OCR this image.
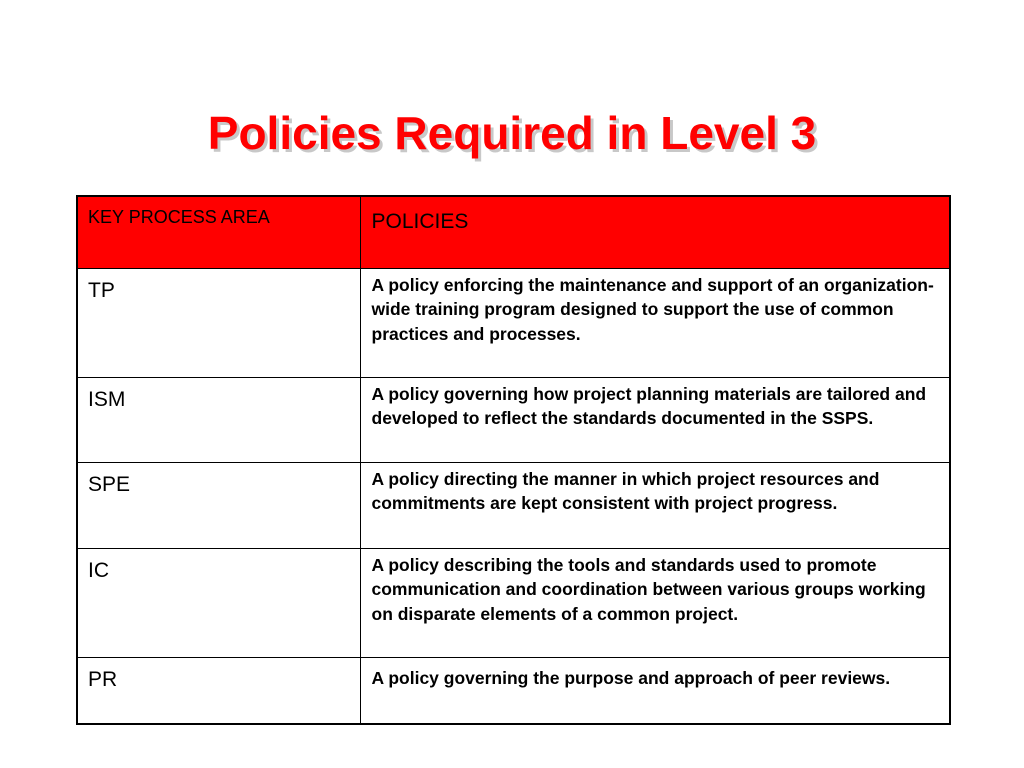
Policies Required in Level 3
KEY PROCESS AREA	POLICIES
TP	A policy enforcing the maintenance and support of an organization-wide training program designed to support the use of common practices and processes.
ISM	A policy governing how project planning materials are tailored and developed to reflect the standards documented in the SSPS.
SPE	A policy directing the manner in which project resources and commitments are kept consistent with project progress.
IC	A policy describing the tools and standards used to promote communication and coordination between various groups working on disparate elements of a common project.
PR	A policy governing the purpose and approach of peer reviews.
